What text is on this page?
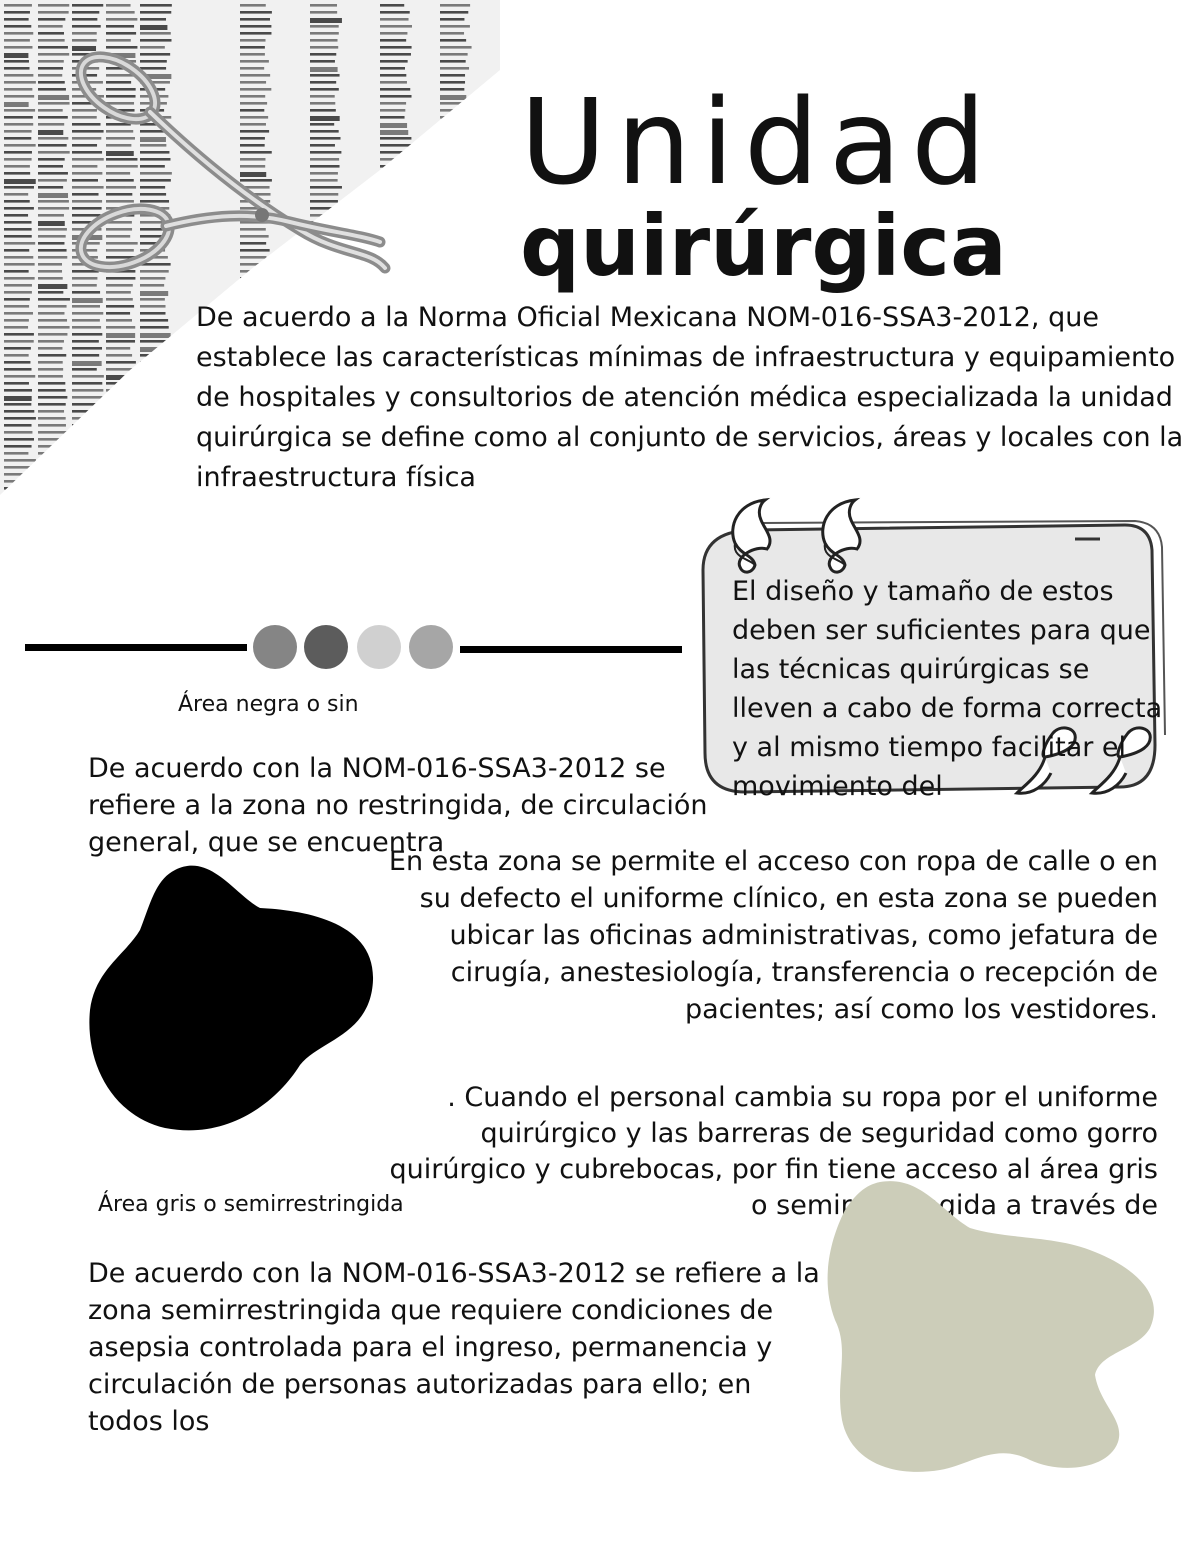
Unidad
quirúrgica
De acuerdo a la Norma Oficial Mexicana NOM-016-SSA3-2012, que establece las características mínimas de infraestructura y equipamiento de hospitales y consultorios de atención médica especializada la unidad quirúrgica se define como al conjunto de servicios, áreas y locales con la infraestructura física
El diseño y tamaño de estos deben ser suficientes para que las técnicas quirúrgicas se lleven a cabo de forma correcta y al mismo tiempo facilitar el movimiento del
Área negra o sin
De acuerdo con la NOM-016-SSA3-2012 se refiere a la zona no restringida, de circulación general, que se encuentra
En esta zona se permite el acceso con ropa de calle o en su defecto el uniforme clínico, en esta zona se pueden ubicar las oficinas administrativas, como jefatura de cirugía, anestesiología, transferencia o recepción de pacientes; así como los vestidores.
. Cuando el personal cambia su ropa por el uniforme quirúrgico y las barreras de seguridad como gorro quirúrgico y cubrebocas, por fin tiene acceso al área gris o semirrestringida a través de
Área gris o semirrestringida
De acuerdo con la NOM-016-SSA3-2012 se refiere a la zona semirrestringida que requiere condiciones de asepsia controlada para el ingreso, permanencia y circulación de personas autorizadas para ello; en todos los
